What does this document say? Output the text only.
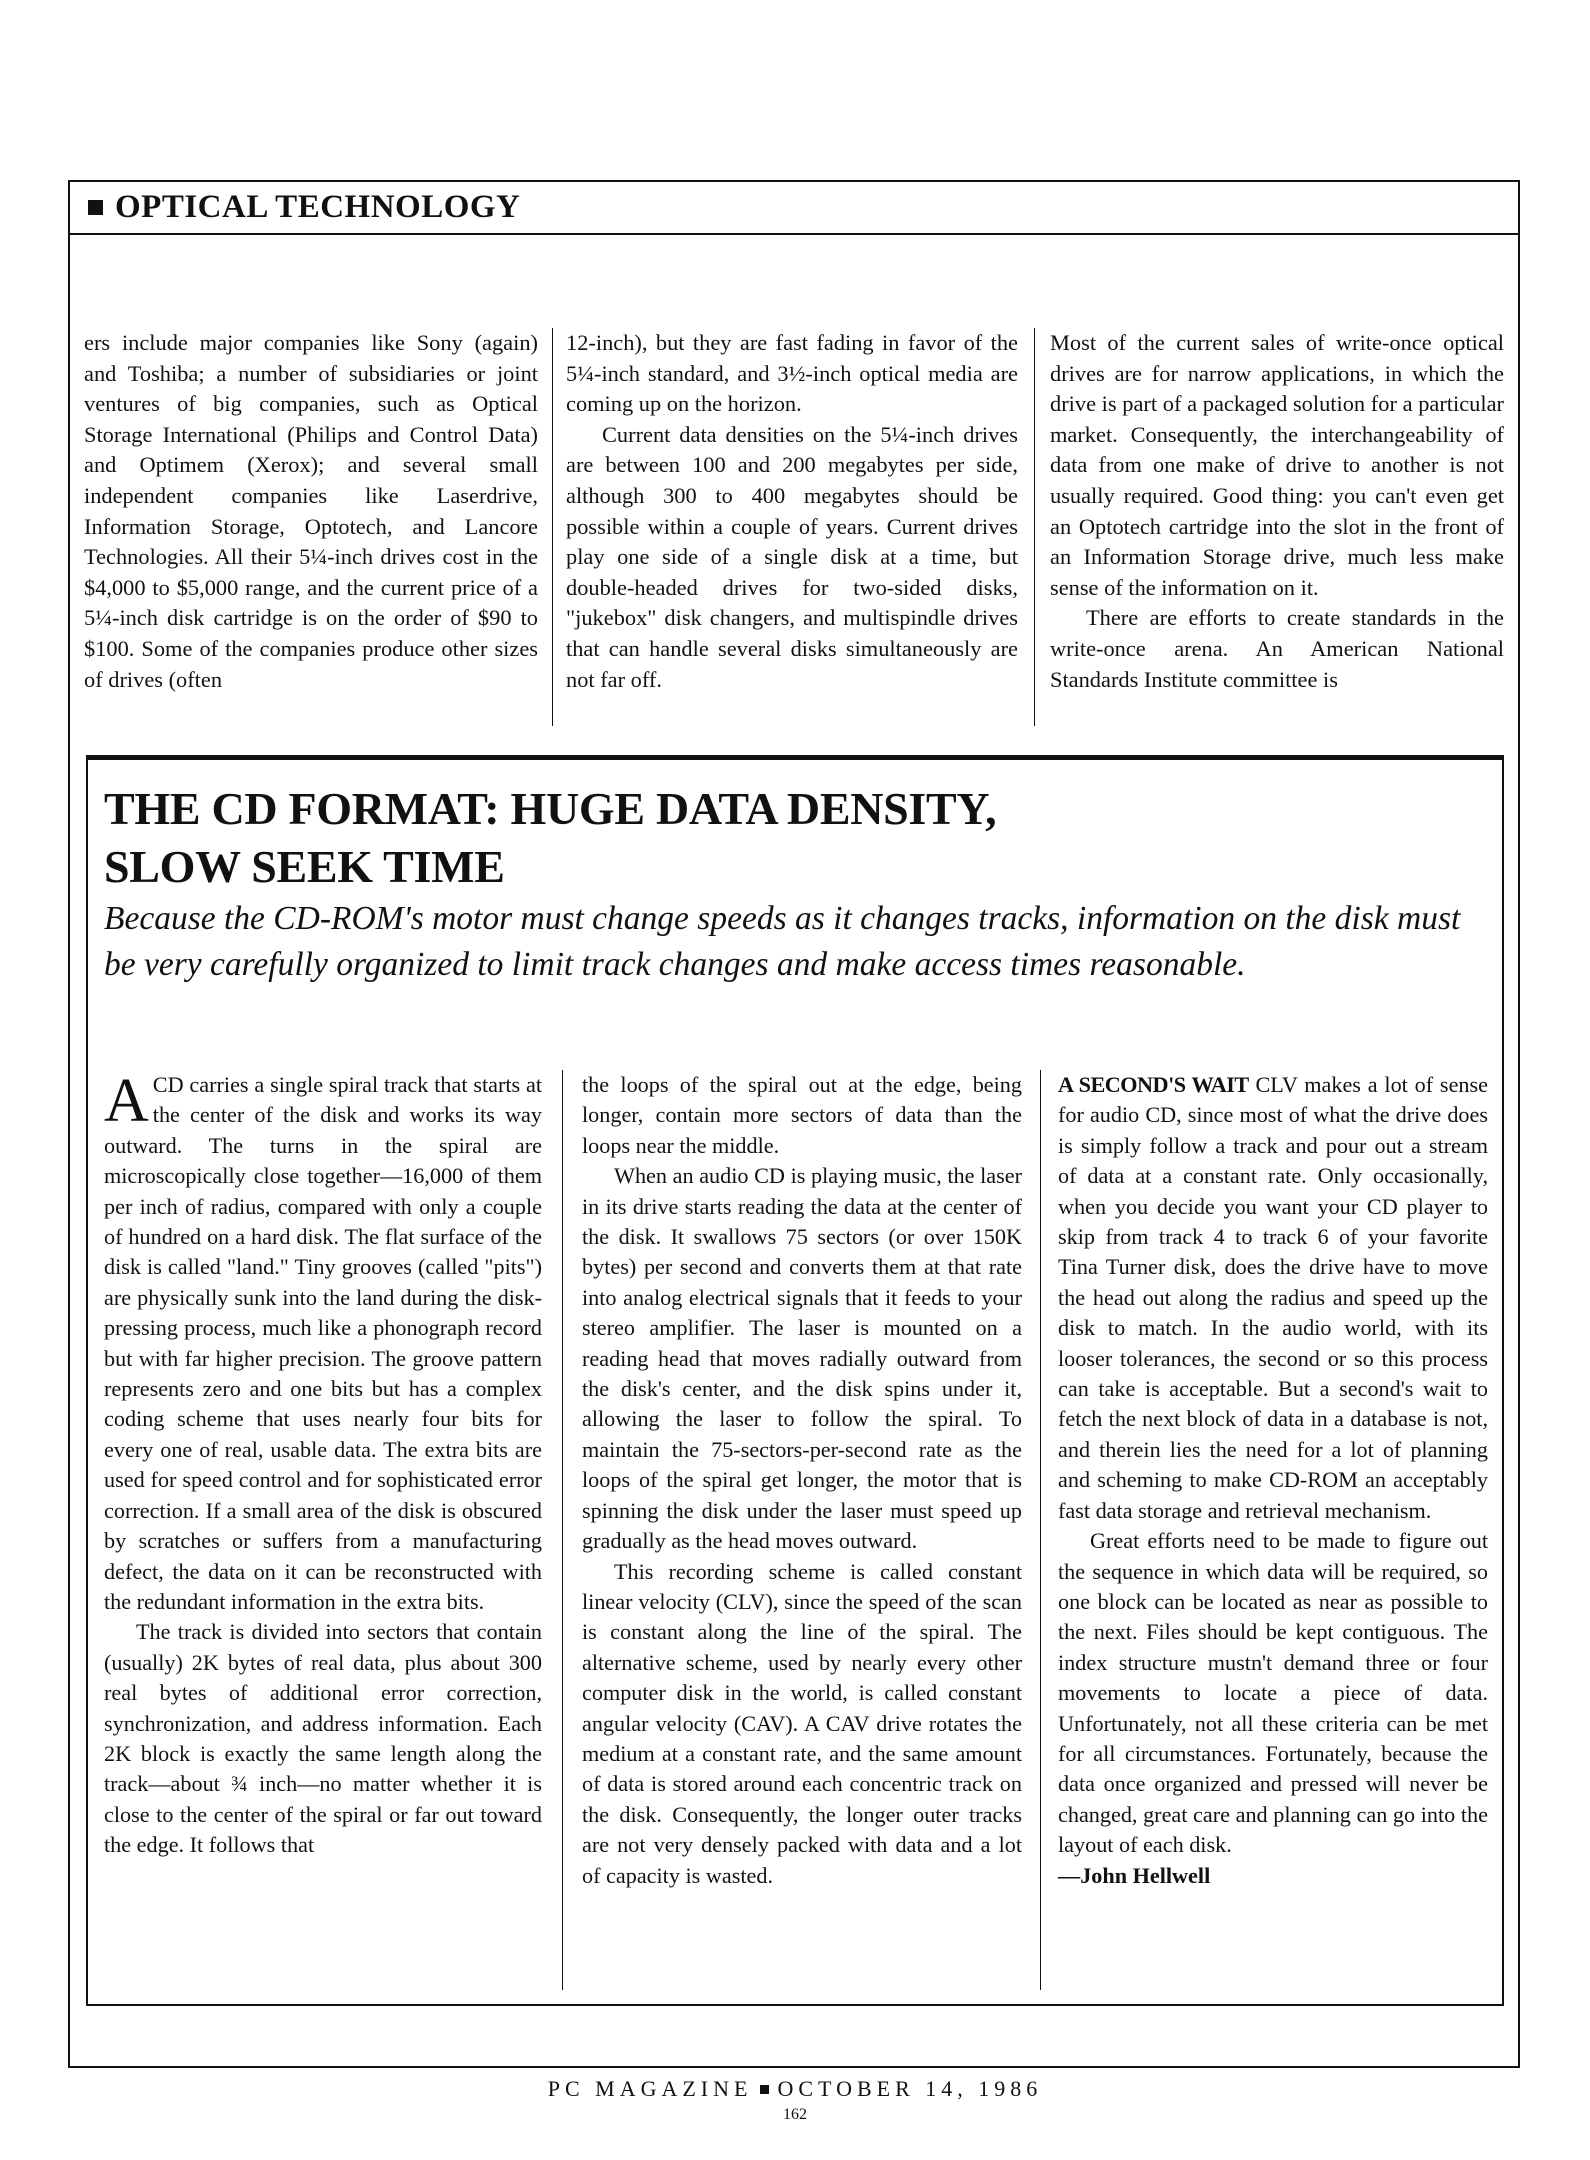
OPTICAL TECHNOLOGY

ers include major companies like Sony (again) and Toshiba; a number of subsidiaries or joint ventures of big companies, such as Optical Storage International (Philips and Control Data) and Optimem (Xerox); and several small independent companies like Laserdrive, Information Storage, Optotech, and Lancore Technologies. All their 5¼-inch drives cost in the $4,000 to $5,000 range, and the current price of a 5¼-inch disk cartridge is on the order of $90 to $100. Some of the companies produce other sizes of drives (often

12-inch), but they are fast fading in favor of the 5¼-inch standard, and 3½-inch optical media are coming up on the horizon.

Current data densities on the 5¼-inch drives are between 100 and 200 megabytes per side, although 300 to 400 megabytes should be possible within a couple of years. Current drives play one side of a single disk at a time, but double-headed drives for two-sided disks, "jukebox" disk changers, and multispindle drives that can handle several disks simultaneously are not far off.

Most of the current sales of write-once optical drives are for narrow applications, in which the drive is part of a packaged solution for a particular market. Consequently, the interchangeability of data from one make of drive to another is not usually required. Good thing: you can't even get an Optotech cartridge into the slot in the front of an Information Storage drive, much less make sense of the information on it.

There are efforts to create standards in the write-once arena. An American National Standards Institute committee is

THE CD FORMAT: HUGE DATA DENSITY,
SLOW SEEK TIME

Because the CD-ROM's motor must change speeds as it changes tracks, information on the disk must be very carefully organized to limit track changes and make access times reasonable.

ACD carries a single spiral track that starts at the center of the disk and works its way outward. The turns in the spiral are microscopically close together—16,000 of them per inch of radius, compared with only a couple of hundred on a hard disk. The flat surface of the disk is called "land." Tiny grooves (called "pits") are physically sunk into the land during the disk-pressing process, much like a phonograph record but with far higher precision. The groove pattern represents zero and one bits but has a complex coding scheme that uses nearly four bits for every one of real, usable data. The extra bits are used for speed control and for sophisticated error correction. If a small area of the disk is obscured by scratches or suffers from a manufacturing defect, the data on it can be reconstructed with the redundant information in the extra bits.

The track is divided into sectors that contain (usually) 2K bytes of real data, plus about 300 real bytes of additional error correction, synchronization, and address information. Each 2K block is exactly the same length along the track—about ¾ inch—no matter whether it is close to the center of the spiral or far out toward the edge. It follows that

the loops of the spiral out at the edge, being longer, contain more sectors of data than the loops near the middle.

When an audio CD is playing music, the laser in its drive starts reading the data at the center of the disk. It swallows 75 sectors (or over 150K bytes) per second and converts them at that rate into analog electrical signals that it feeds to your stereo amplifier. The laser is mounted on a reading head that moves radially outward from the disk's center, and the disk spins under it, allowing the laser to follow the spiral. To maintain the 75-sectors-per-second rate as the loops of the spiral get longer, the motor that is spinning the disk under the laser must speed up gradually as the head moves outward.

This recording scheme is called constant linear velocity (CLV), since the speed of the scan is constant along the line of the spiral. The alternative scheme, used by nearly every other computer disk in the world, is called constant angular velocity (CAV). A CAV drive rotates the medium at a constant rate, and the same amount of data is stored around each concentric track on the disk. Consequently, the longer outer tracks are not very densely packed with data and a lot of capacity is wasted.

A SECOND'S WAIT CLV makes a lot of sense for audio CD, since most of what the drive does is simply follow a track and pour out a stream of data at a constant rate. Only occasionally, when you decide you want your CD player to skip from track 4 to track 6 of your favorite Tina Turner disk, does the drive have to move the head out along the radius and speed up the disk to match. In the audio world, with its looser tolerances, the second or so this process can take is acceptable. But a second's wait to fetch the next block of data in a database is not, and therein lies the need for a lot of planning and scheming to make CD-ROM an acceptably fast data storage and retrieval mechanism.

Great efforts need to be made to figure out the sequence in which data will be required, so one block can be located as near as possible to the next. Files should be kept contiguous. The index structure mustn't demand three or four movements to locate a piece of data. Unfortunately, not all these criteria can be met for all circumstances. Fortunately, because the data once organized and pressed will never be changed, great care and planning can go into the layout of each disk.

—John Hellwell

PC MAGAZINE OCTOBER 14, 1986
162
